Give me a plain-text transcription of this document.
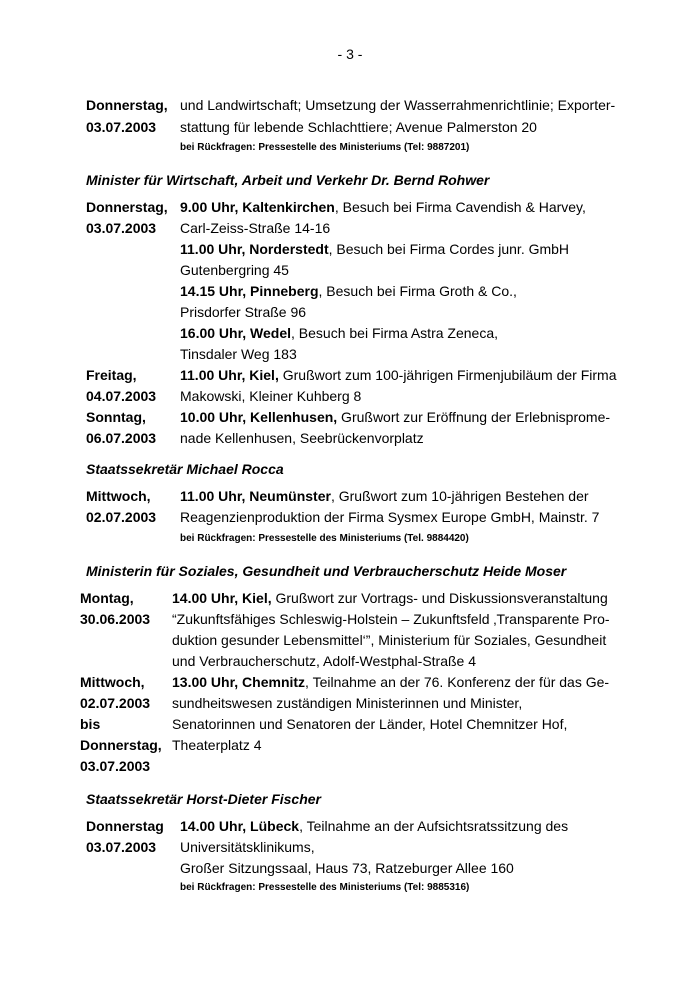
- 3 -
Donnerstag,
03.07.2003
und Landwirtschaft; Umsetzung der Wasserrahmenrichtlinie; Exporter-
stattung für lebende Schlachttiere; Avenue Palmerston 20
bei Rückfragen: Pressestelle des Ministeriums (Tel: 9887201)
Minister für Wirtschaft, Arbeit und Verkehr Dr. Bernd Rohwer
Donnerstag,
03.07.2003
9.00 Uhr, Kaltenkirchen, Besuch bei Firma Cavendish & Harvey,
Carl-Zeiss-Straße 14-16
11.00 Uhr, Norderstedt, Besuch bei Firma Cordes junr. GmbH
Gutenbergring 45
14.15 Uhr, Pinneberg, Besuch bei Firma Groth & Co.,
Prisdorfer Straße 96
16.00 Uhr, Wedel, Besuch bei Firma Astra Zeneca,
Tinsdaler Weg 183
Freitag,
04.07.2003
11.00 Uhr, Kiel, Grußwort zum 100-jährigen Firmenjubiläum der Firma
Makowski, Kleiner Kuhberg 8
Sonntag,
06.07.2003
10.00 Uhr, Kellenhusen, Grußwort zur Eröffnung der Erlebnisprome-
nade Kellenhusen, Seebrückenvorplatz
Staatssekretär Michael Rocca
Mittwoch,
02.07.2003
11.00 Uhr, Neumünster, Grußwort zum 10-jährigen Bestehen der
Reagenzienproduktion der Firma Sysmex Europe GmbH, Mainstr. 7
bei Rückfragen: Pressestelle des Ministeriums (Tel. 9884420)
Ministerin für Soziales, Gesundheit und Verbraucherschutz Heide Moser
Montag,
30.06.2003
14.00 Uhr, Kiel, Grußwort zur Vortrags- und Diskussionsveranstaltung
“Zukunftsfähiges Schleswig-Holstein – Zukunftsfeld ‚Transparente Pro-
duktion gesunder Lebensmittel‘”, Ministerium für Soziales, Gesundheit
und Verbraucherschutz, Adolf-Westphal-Straße 4
Mittwoch,
02.07.2003
bis
Donnerstag,
03.07.2003
13.00 Uhr, Chemnitz, Teilnahme an der 76. Konferenz der für das Ge-
sundheitswesen zuständigen Ministerinnen und Minister,
Senatorinnen und Senatoren der Länder, Hotel Chemnitzer Hof,
Theaterplatz 4
Staatssekretär Horst-Dieter Fischer
Donnerstag
03.07.2003
14.00 Uhr, Lübeck, Teilnahme an der Aufsichtsratssitzung des
Universitätsklinikums,
Großer Sitzungssaal, Haus 73, Ratzeburger Allee 160
bei Rückfragen: Pressestelle des Ministeriums (Tel: 9885316)
